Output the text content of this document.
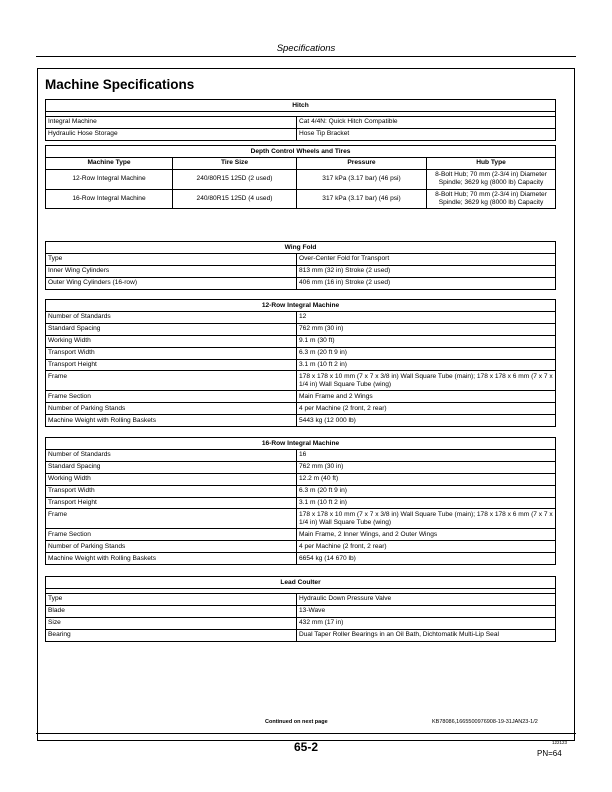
Specifications
Machine Specifications
Hitch	

Integral Machine	Cat 4/4N: Quick Hitch Compatible
Hydraulic Hose Storage	Hose Tip Bracket
Depth Control Wheels and Tires			
Machine Type	Tire Size	Pressure	Hub Type
12-Row Integral Machine	240/80R15 125D (2 used)	317 kPa (3.17 bar) (46 psi)	8-Bolt Hub; 70 mm (2-3/4 in) Diameter Spindle; 3629 kg (8000 lb) Capacity
16-Row Integral Machine	240/80R15 125D (4 used)	317 kPa (3.17 bar) (46 psi)	8-Bolt Hub; 70 mm (2-3/4 in) Diameter Spindle; 3629 kg (8000 lb) Capacity
Wing Fold	
Type	Over-Center Fold for Transport
Inner Wing Cylinders	813 mm (32 in) Stroke (2 used)
Outer Wing Cylinders (16-row)	406 mm (16 in) Stroke (2 used)
12-Row Integral Machine	
Number of Standards	12
Standard Spacing	762 mm (30 in)
Working Width	9.1 m (30 ft)
Transport Width	6.3 m (20 ft 9 in)
Transport Height	3.1 m (10 ft 2 in)
Frame	178 x 178 x 10 mm (7 x 7 x 3/8 in) Wall Square Tube (main); 178 x 178 x 6 mm (7 x 7 x 1/4 in) Wall Square Tube (wing)
Frame Section	Main Frame and 2 Wings
Number of Parking Stands	4 per Machine (2 front, 2 rear)
Machine Weight with Rolling Baskets	5443 kg (12 000 lb)
16-Row Integral Machine	
Number of Standards	16
Standard Spacing	762 mm (30 in)
Working Width	12.2 m (40 ft)
Transport Width	6.3 m (20 ft 9 in)
Transport Height	3.1 m (10 ft 2 in)
Frame	178 x 178 x 10 mm (7 x 7 x 3/8 in) Wall Square Tube (main); 178 x 178 x 6 mm (7 x 7 x 1/4 in) Wall Square Tube (wing)
Frame Section	Main Frame, 2 Inner Wings, and 2 Outer Wings
Number of Parking Stands	4 per Machine (2 front, 2 rear)
Machine Weight with Rolling Baskets	6654 kg (14 670 lb)
Lead Coulter	

Type	Hydraulic Down Pressure Valve
Blade	13-Wave
Size	432 mm (17 in)
Bearing	Dual Taper Roller Bearings in an Oil Bath, Dichtomatik Multi-Lip Seal
Continued on next page	KB78086,1665500976908-19-31JAN23-1/2
65-2	122123
PN=64
